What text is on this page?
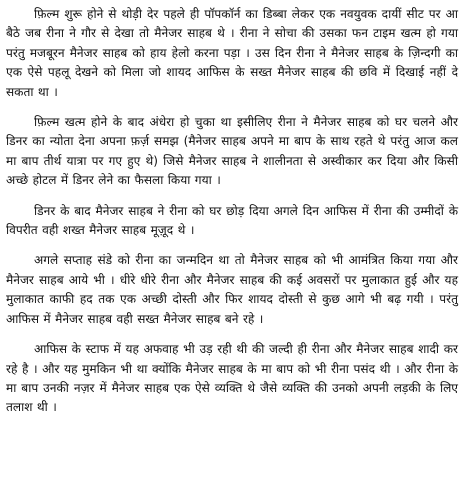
फ़िल्म शुरू होने से थोड़ी देर पहले ही पॉपकॉर्न का डिब्बा लेकर एक नवयुवक दायीं सीट पर आ बैठे जब रीना ने गौर से देखा तो मैनेजर साहब थे । रीना ने सोचा की उसका फन टाइम खत्म हो गया परंतु मजबूरन मैनेजर साहब को हाय हेलो करना पड़ा । उस दिन रीना ने मैनेजर साहब के ज़िन्दगी का एक ऐसे पहलू देखने को मिला जो शायद आफिस के सख्त मैनेजर साहब की छवि में दिखाई नहीं दे सकता था ।

फ़िल्म खत्म होने के बाद अंधेरा हो चुका था इसीलिए रीना ने मैनेजर साहब को घर चलने और डिनर का न्योता देना अपना फ़र्ज़ समझ (मैनेजर साहब अपने मा बाप के साथ रहते थे परंतु आज कल मा बाप तीर्थ यात्रा पर गए हुए थे) जिसे मैनेजर साहब ने शालीनता से अस्वीकार कर दिया और किसी अच्छे होटल में डिनर लेने का फैसला किया गया ।

डिनर के बाद मैनेजर साहब ने रीना को घर छोड़ दिया अगले दिन आफिस में रीना की उम्मीदों के विपरीत वही शख्त मैनेजर साहब मूज़ूद थे ।

अगले सप्ताह संडे को रीना का जन्मदिन था तो मैनेजर साहब को भी आमंत्रित किया गया और मैनेजर साहब आये भी । धीरे धीरे रीना और मैनेजर साहब की कई अवसरों पर मुलाकात हुई और यह मुलाकात काफी हद तक एक अच्छी दोस्ती और फिर शायद दोस्ती से कुछ आगे भी बढ़ गयी । परंतु आफिस में मैनेजर साहब वही सख्त मैनेजर साहब बने रहे ।

आफिस के स्टाफ में यह अफवाह भी उड़ रही थी की जल्दी ही रीना और मैनेजर साहब शादी कर रहे है । और यह मुमकिन भी था क्योंकि मैनेजर साहब के मा बाप को भी रीना पसंद थी । और रीना के मा बाप उनकी नज़र में मैनेजर साहब एक ऐसे व्यक्ति थे जैसे व्यक्ति की उनको अपनी लड़की के लिए तलाश थी ।
